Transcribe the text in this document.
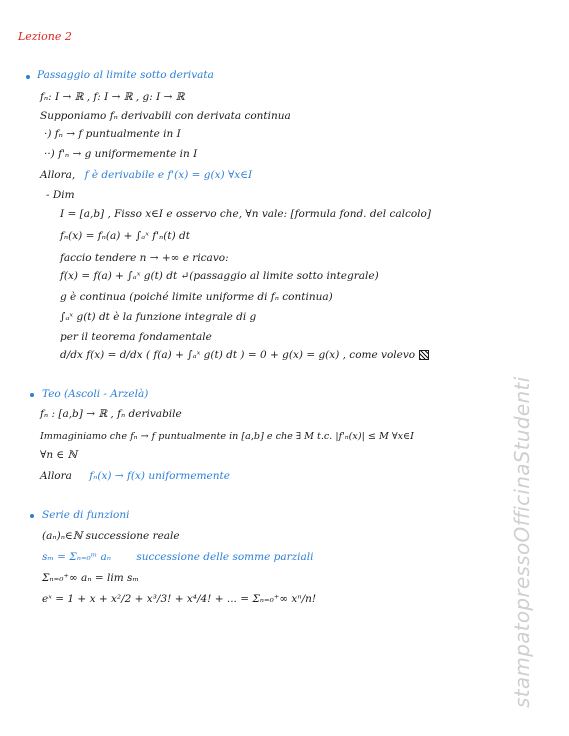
Lezione 2
Passaggio al limite sotto derivata
fₙ: I → ℝ , f: I → ℝ , g: I → ℝ
Supponiamo fₙ derivabili con derivata continua
·) fₙ → f puntualmente in I
··) f'ₙ → g uniformemente in I
Allora, f è derivabile e f'(x) = g(x) ∀x∈I
- Dim
I = [a,b] , Fisso x∈I e osservo che, ∀n vale: [formula fond. del calcolo]
fₙ(x) = fₙ(a) + ∫ₐˣ f'ₙ(t) dt
faccio tendere n → +∞ e ricavo:
f(x) = f(a) + ∫ₐˣ g(t) dt ↵(passaggio al limite sotto integrale)
g è continua (poiché limite uniforme di fₙ continua)
∫ₐˣ g(t) dt è la funzione integrale di g
per il teorema fondamentale
d/dx f(x) = d/dx ( f(a) + ∫ₐˣ g(t) dt ) = 0 + g(x) = g(x) , come volevo
Teo (Ascoli - Arzelà)
fₙ : [a,b] → ℝ , fₙ derivabile
Immaginiamo che fₙ → f puntualmente in [a,b] e che ∃ M t.c. |f'ₙ(x)| ≤ M ∀x∈I
∀n ∈ ℕ
Allora fₙ(x) → f(x) uniformemente
Serie di funzioni
(aₙ)ₙ∈ℕ successione reale
sₘ = Σₙ₌₀ᵐ aₙ successione delle somme parziali
Σₙ₌₀⁺∞ aₙ = lim sₘ
eˣ = 1 + x + x²/2 + x³/3! + x⁴/4! + ... = Σₙ₌₀⁺∞ xⁿ/n!	stampatopressoOfficinaStudenti
